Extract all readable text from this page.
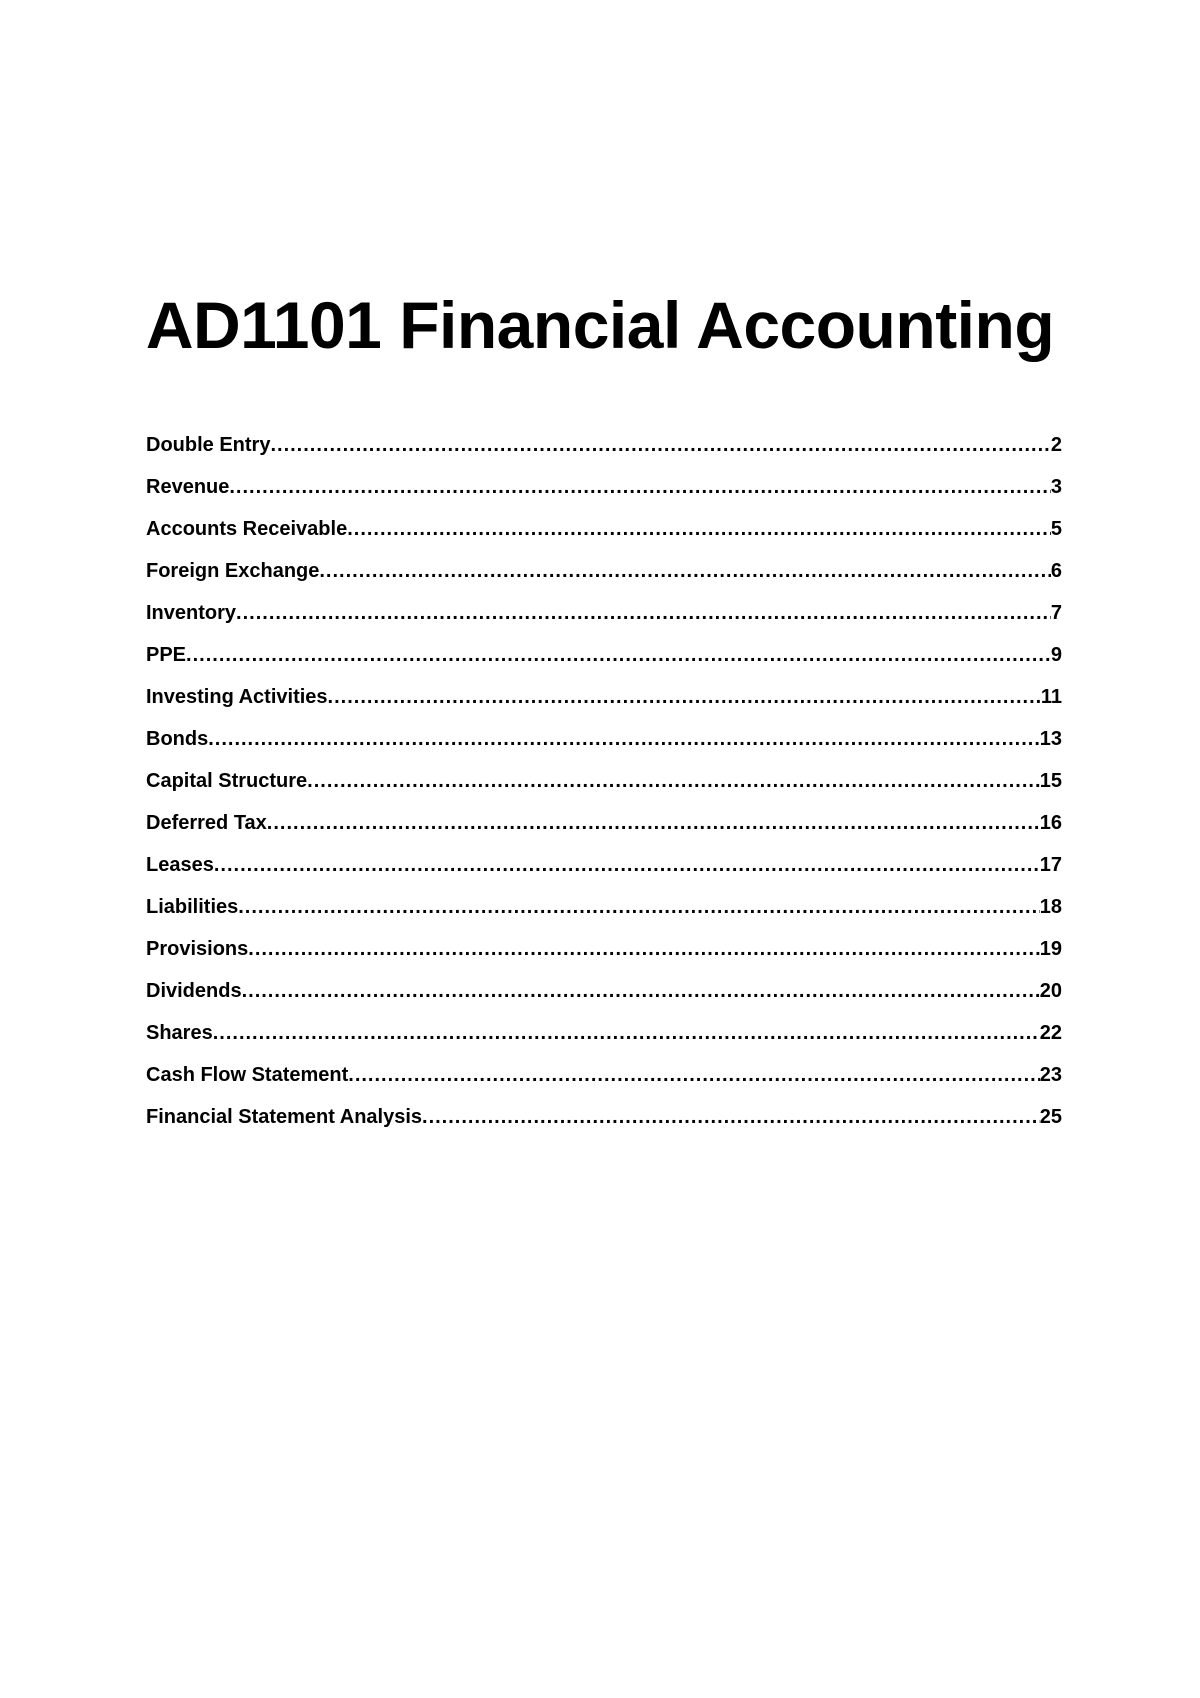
AD1101 Financial Accounting
Double Entry .....	2
Revenue .....	3
Accounts Receivable .....	5
Foreign Exchange .....	6
Inventory .....	7
PPE .....	9
Investing Activities .....	11
Bonds .....	13
Capital Structure .....	15
Deferred Tax .....	16
Leases .....	17
Liabilities .....	18
Provisions .....	19
Dividends .....	20
Shares .....	22
Cash Flow Statement .....	23
Financial Statement Analysis .....	25
